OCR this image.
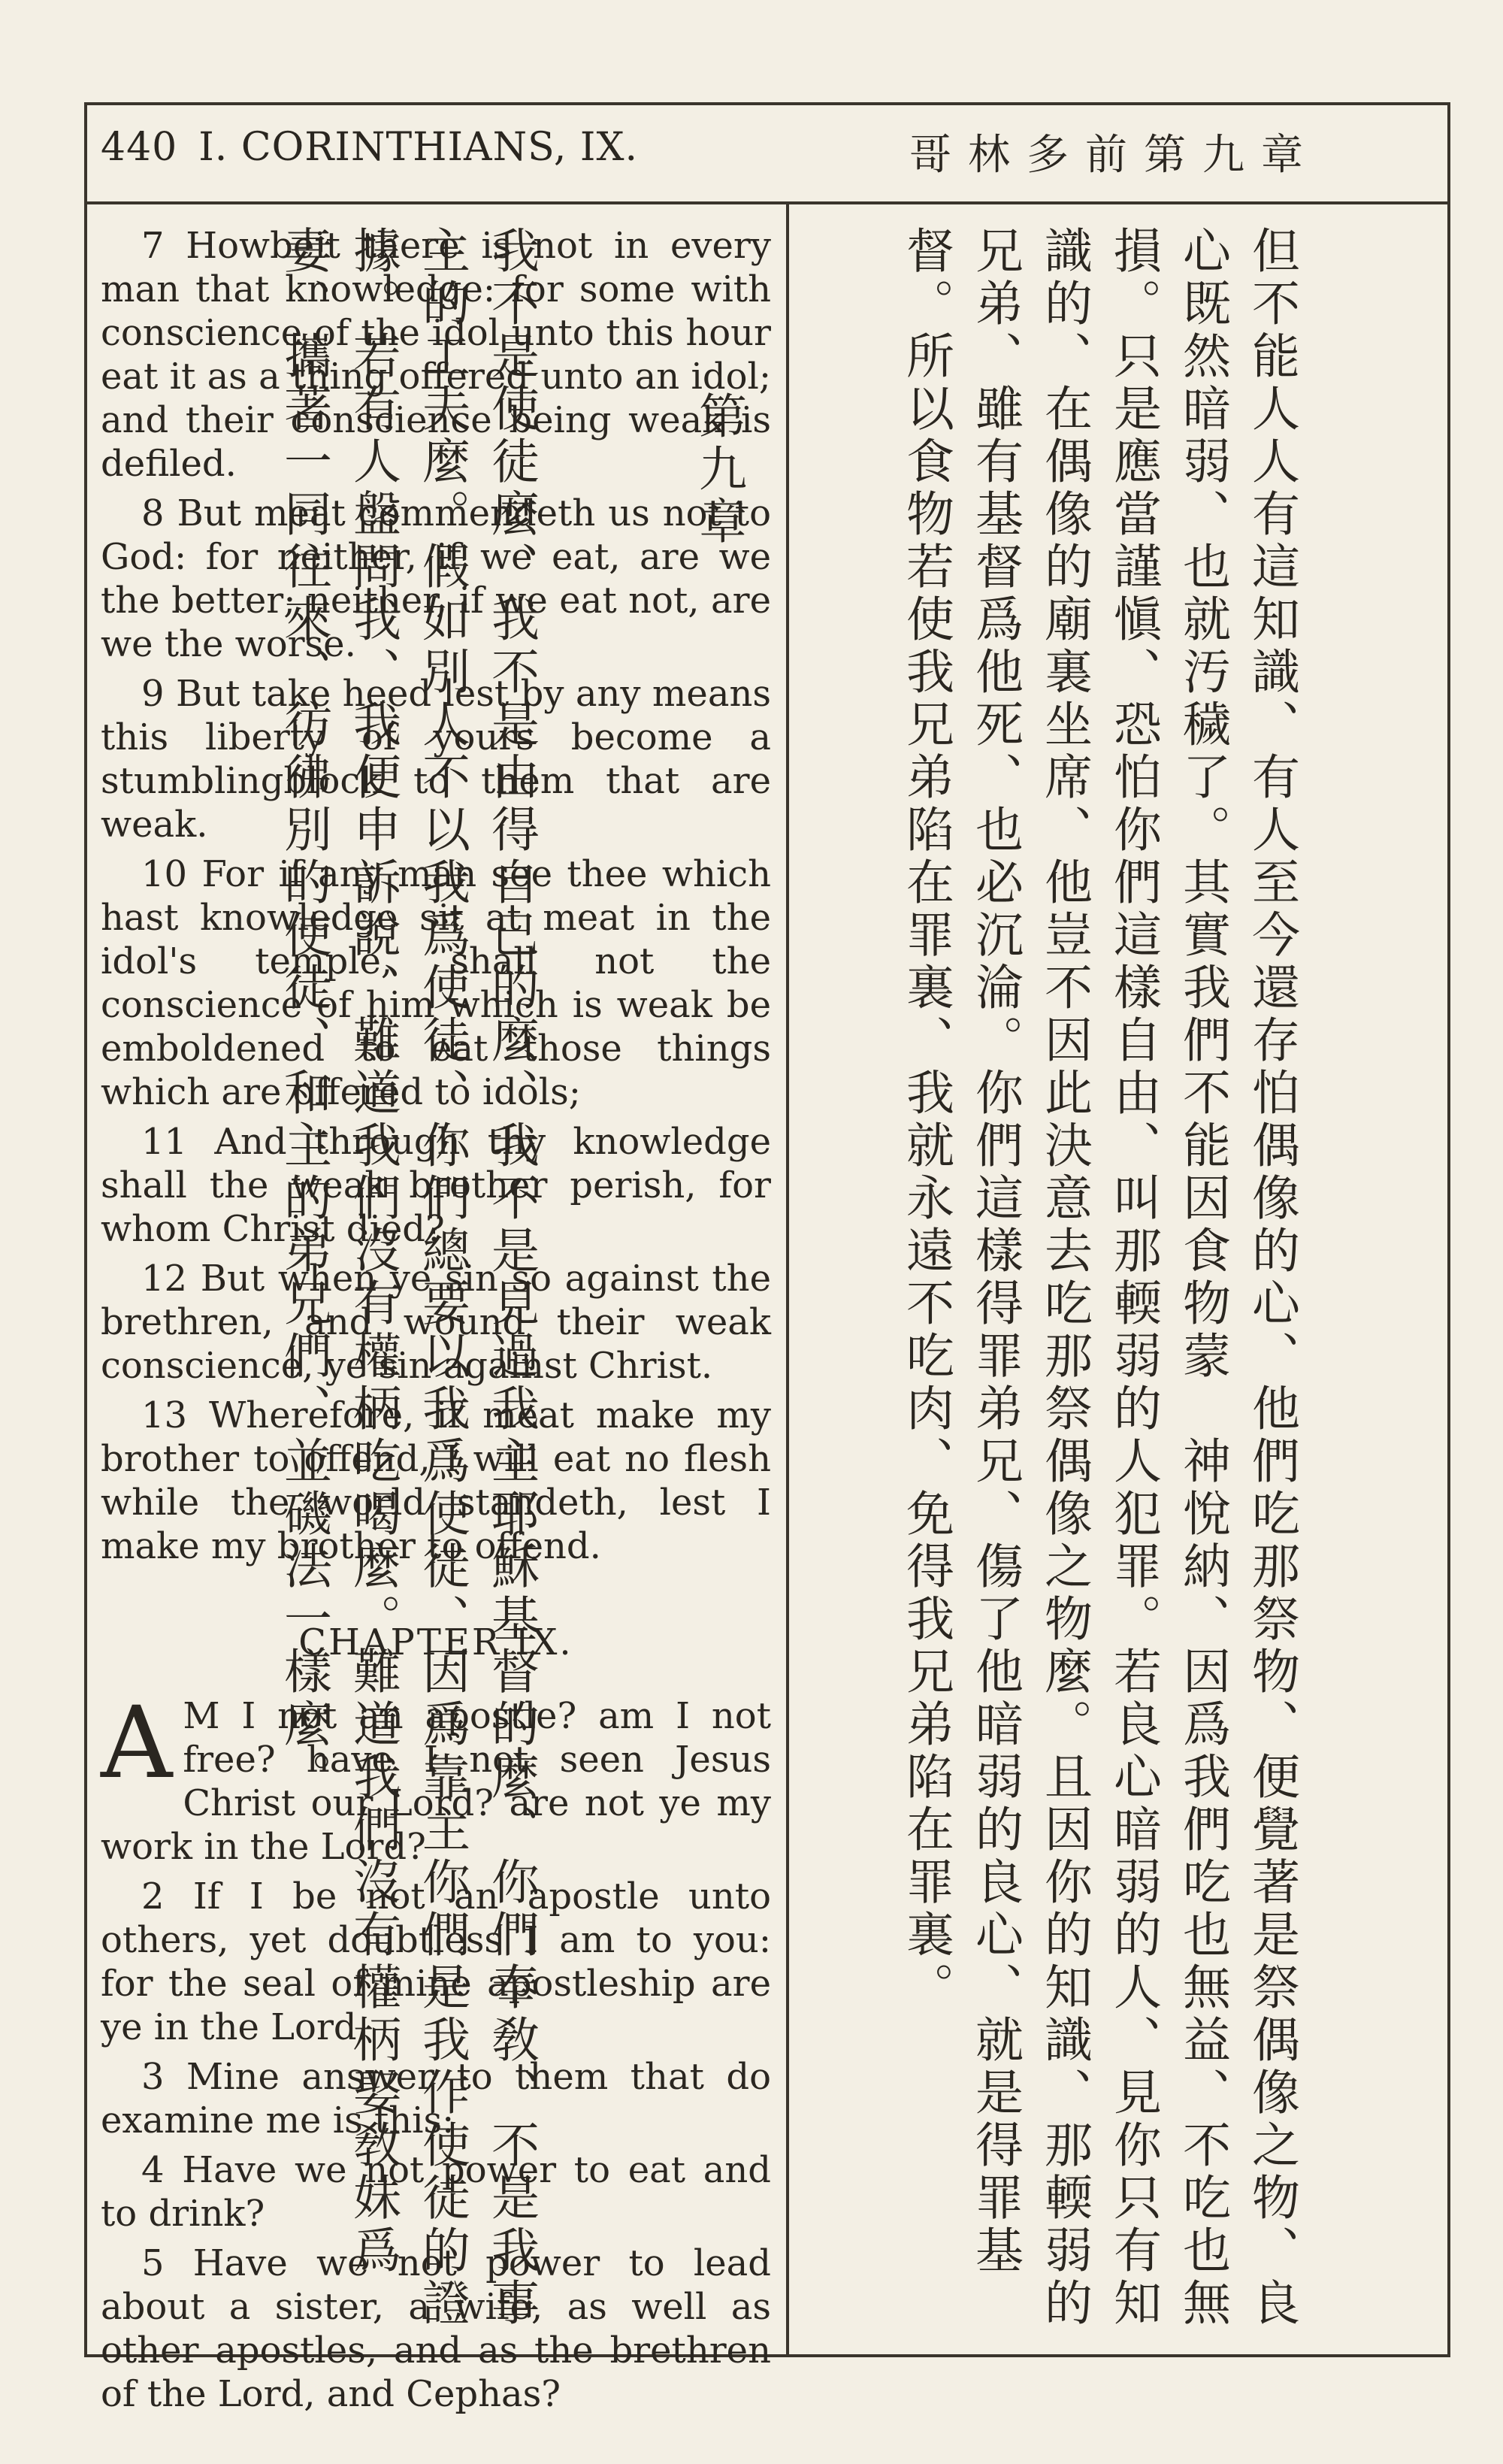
440 I. CORINTHIANS, IX.	哥林多前第九章

7 Howbeit there is not in every man that knowledge: for some with conscience of the idol unto this hour eat it as a thing offered unto an idol; and their conscience being weak is defiled.

8 But meat commendeth us not to God: for neither, if we eat, are we the better; neither, if we eat not, are we the worse.

9 But take heed lest by any means this liberty of yours become a stumblingblock to them that are weak.

10 For if any man see thee which hast knowledge sit at meat in the idol's temple, shall not the conscience of him which is weak be emboldened to eat those things which are offered to idols;

11 And through thy knowledge shall the weak brother perish, for whom Christ died?

12 But when ye sin so against the brethren, and wound their weak conscience, ye sin against Christ.

13 Wherefore, if meat make my brother to offend, I will eat no flesh while the world standeth, lest I make my brother to offend.

CHAPTER IX.

A M I not an apostle? am I not free? have I not seen Jesus Christ our Lord? are not ye my work in the Lord?

2 If I be not an apostle unto others, yet doubtless I am to you: for the seal of mine apostleship are ye in the Lord.

3 Mine answer to them that do examine me is this:

4 Have we not power to eat and to drink?

5 Have we not power to lead about a sister, a wife, as well as other apostles, and as the brethren of the Lord, and Cephas?

但不能人人有這知識、有人至今還存怕偶像的心、他們吃那祭物、便覺著是祭偶像之物、良心既然暗弱、也就汚穢了。其實我們不能因食物蒙　神悅納、因爲我們吃也無益、不吃也無損。只是應當謹愼、恐怕你們這樣自由、叫那輭弱的人犯罪。若良心暗弱的人、見你只有知識的、在偶像的廟裏坐席、他豈不因此決意去吃那祭偶像之物麼。且因你的知識、那輭弱的兄弟、雖有基督爲他死、也必沉淪。你們這樣得罪弟兄、傷了他暗弱的良心、就是得罪基督。所以食物若使我兄弟陷在罪裏、我就永遠不吃肉、免得我兄弟陷在罪裏。

第九章

我不是使徒麼、我不是由得自己的麼、我不是見過我主耶穌基督的麼、你們奉敎、不是我事主的工夫麼。假如別人不以我爲使徒、你們總要以我爲使徒、因爲靠主你們是我作使徒的證據。若有人盤問我、我便申訴說、難道我們沒有權柄吃喝麼。難道我們沒有權柄娶敎妹爲妻、攜著一同往來、彷彿別的使徒、和主的弟兄們、並磯法一樣麼。
